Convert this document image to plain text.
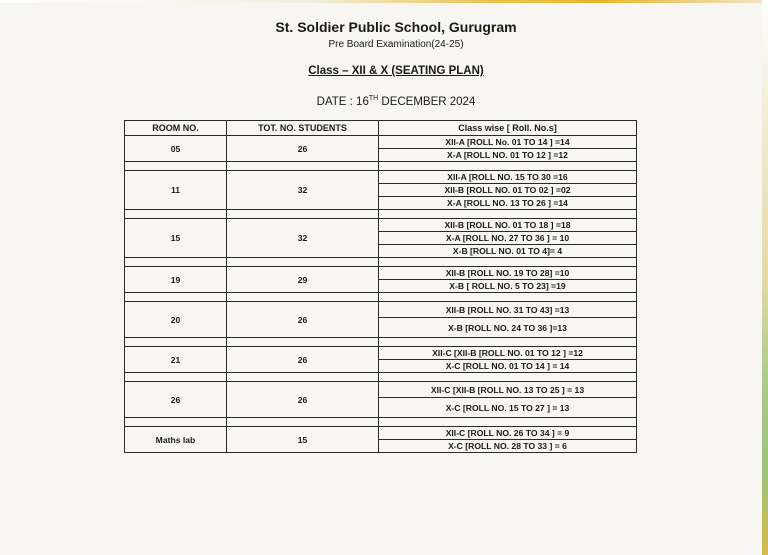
St. Soldier Public School, Gurugram
Pre Board Examination(24-25)
Class – XII & X (SEATING PLAN)
DATE : 16TH DECEMBER 2024
ROOM NO.	TOT. NO. STUDENTS	Class wise [ Roll. No.s]
05	26	XII-A [ROLL No. 01 TO 14 ] =14
		X-A [ROLL NO. 01 TO 12 ] =12

11	32	XII-A [ROLL NO. 15 TO 30 =16
		XII-B [ROLL NO. 01 TO 02 ] =02
		X-A [ROLL NO. 13 TO 26 ] =14

15	32	XII-B [ROLL NO. 01 TO 18 ] =18
		X-A [ROLL NO. 27 TO 36 ] = 10
		X-B [ROLL NO. 01 TO 4]= 4

19	29	XII-B [ROLL NO. 19 TO 28] =10
		X-B [ ROLL NO. 5 TO 23] =19

20	26	XII-B [ROLL NO. 31 TO 43] =13
		X-B [ROLL NO. 24 TO 36 ]=13

21	26	XII-C [XII-B [ROLL NO. 01 TO 12 ] =12
		X-C [ROLL NO. 01 TO 14 ] = 14

26	26	XII-C [XII-B [ROLL NO. 13 TO 25 ] = 13
		X-C [ROLL NO. 15 TO 27 ] = 13

Maths lab	15	XII-C [ROLL NO. 26 TO 34 ] = 9
		X-C [ROLL NO. 28 TO 33 ] = 6
